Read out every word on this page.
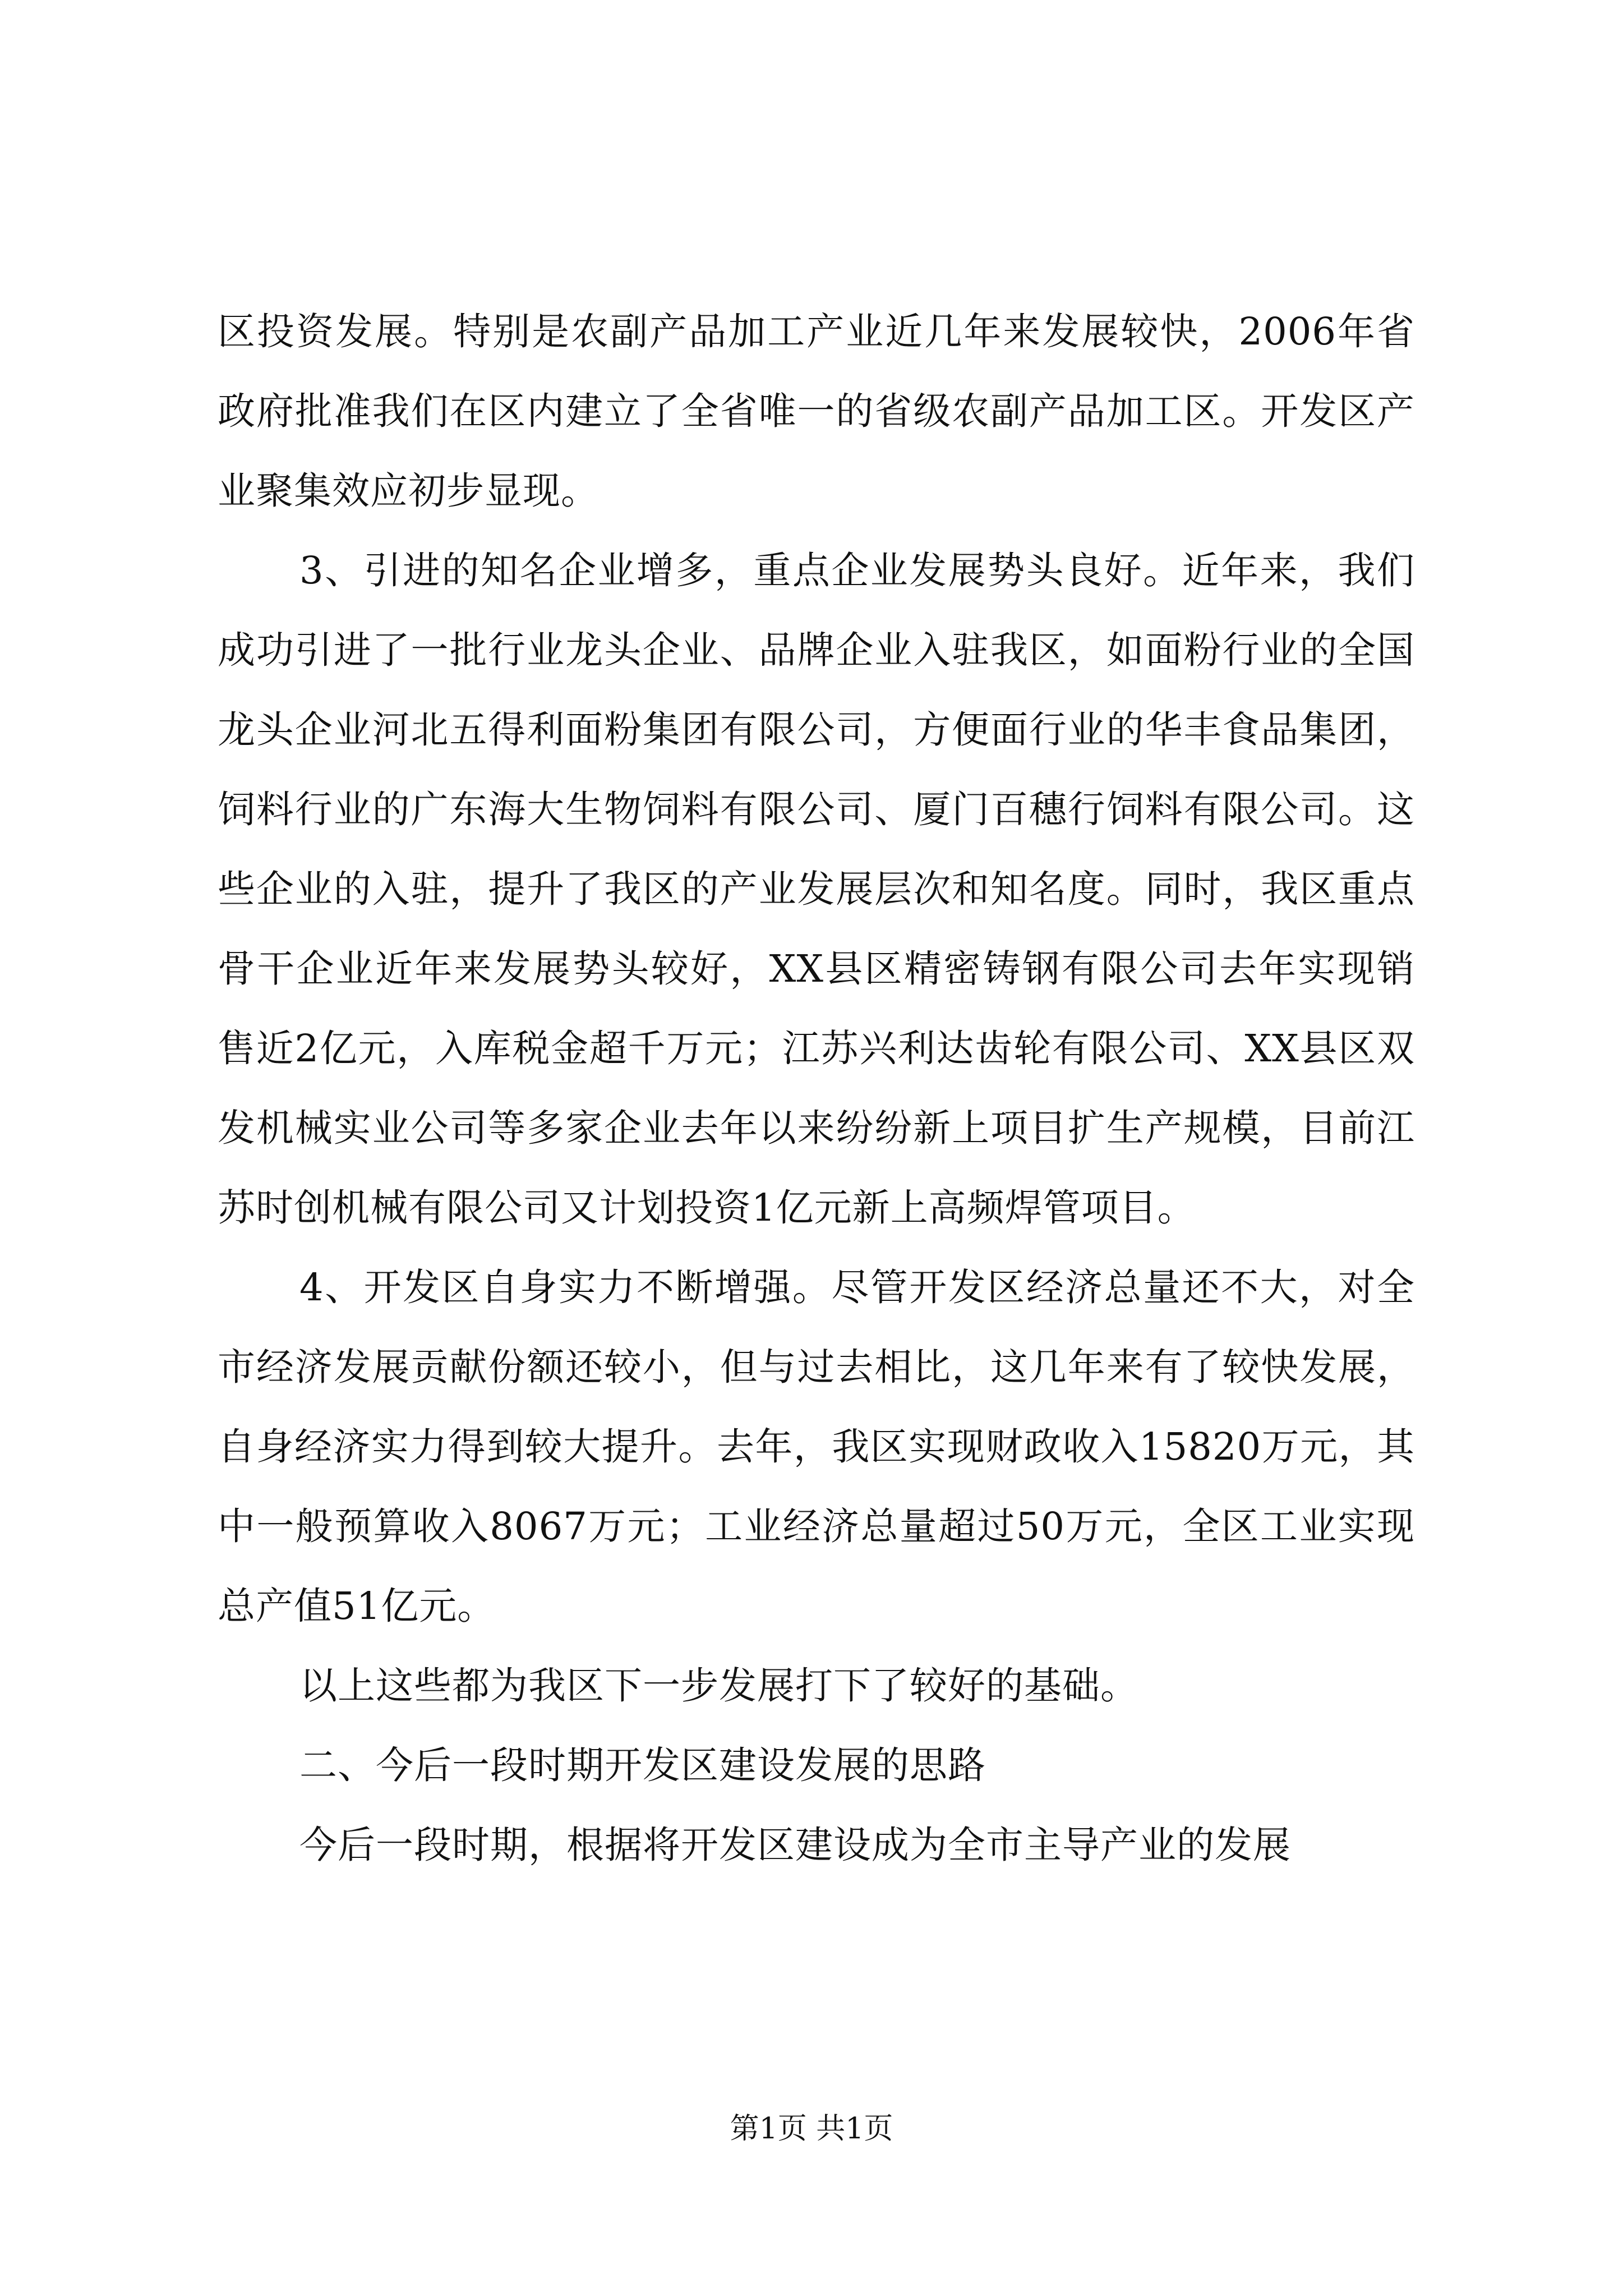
区投资发展。特别是农副产品加工产业近几年来发展较快，2006年省政府批准我们在区内建立了全省唯一的省级农副产品加工区。开发区产业聚集效应初步显现。

3、引进的知名企业增多，重点企业发展势头良好。近年来，我们成功引进了一批行业龙头企业、品牌企业入驻我区，如面粉行业的全国龙头企业河北五得利面粉集团有限公司，方便面行业的华丰食品集团，饲料行业的广东海大生物饲料有限公司、厦门百穗行饲料有限公司。这些企业的入驻，提升了我区的产业发展层次和知名度。同时，我区重点骨干企业近年来发展势头较好，XX县区精密铸钢有限公司去年实现销售近2亿元，入库税金超千万元；江苏兴利达齿轮有限公司、XX县区双发机械实业公司等多家企业去年以来纷纷新上项目扩生产规模，目前江苏时创机械有限公司又计划投资1亿元新上高频焊管项目。

4、开发区自身实力不断增强。尽管开发区经济总量还不大，对全市经济发展贡献份额还较小，但与过去相比，这几年来有了较快发展，自身经济实力得到较大提升。去年，我区实现财政收入15820万元，其中一般预算收入8067万元；工业经济总量超过50万元，全区工业实现总产值51亿元。

以上这些都为我区下一步发展打下了较好的基础。

二、今后一段时期开发区建设发展的思路

今后一段时期，根据将开发区建设成为全市主导产业的发展

第1页 共1页
